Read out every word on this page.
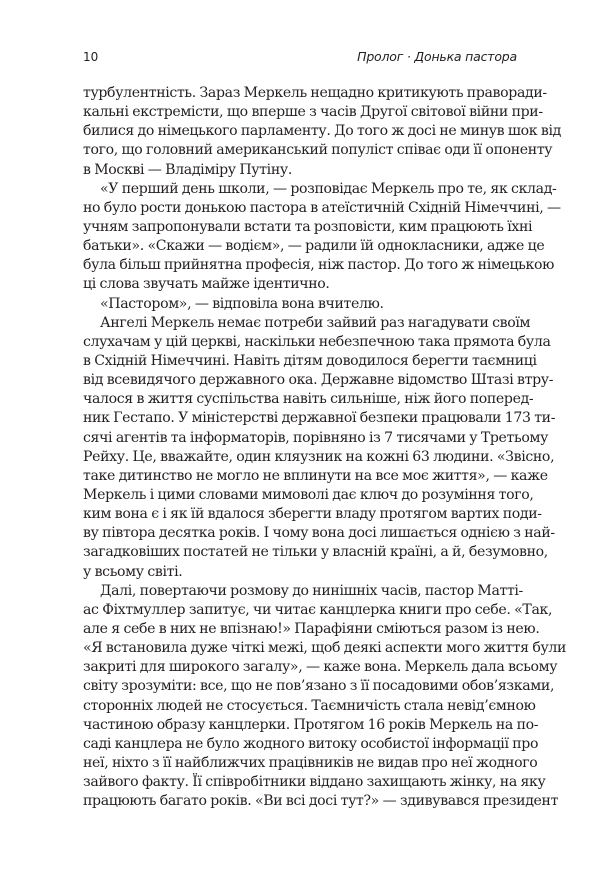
10	Пролог · Донька пастора
турбулентність. Зараз Меркель нещадно критикують праворади-
кальні екстремісти, що вперше з часів Другої світової війни при-
билися до німецького парламенту. До того ж досі не минув шок від
того, що головний американський популіст співає оди її опоненту
в Москві — Владіміру Путіну.
«У перший день школи, — розповідає Меркель про те, як склад-
но було рости донькою пастора в атеїстичній Східній Німеччині, —
учням запропонували встати та розповісти, ким працюють їхні
батьки». «Скажи — водієм», — радили їй однокласники, адже це
була більш прийнятна професія, ніж пастор. До того ж німецькою
ці слова звучать майже ідентично.
«Пастором», — відповіла вона вчителю.
Ангелі Меркель немає потреби зайвий раз нагадувати своїм
слухачам у цій церкві, наскільки небезпечною така прямота була
в Східній Німеччині. Навіть дітям доводилося берегти таємниці
від всевидячого державного ока. Державне відомство Штазі втру-
чалося в життя суспільства навіть сильніше, ніж його поперед-
ник Гестапо. У міністерстві державної безпеки працювали 173 ти-
сячі агентів та інформаторів, порівняно із 7 тисячами у Третьому
Рейху. Це, вважайте, один кляузник на кожні 63 людини. «Звісно,
таке дитинство не могло не вплинути на все моє життя», — каже
Меркель і цими словами мимоволі дає ключ до розуміння того,
ким вона є і як їй вдалося зберегти владу протягом вартих поди-
ву півтора десятка років. І чому вона досі лишається однією з най-
загадковіших постатей не тільки у власній країні, а й, безумовно,
у всьому світі.
Далі, повертаючи розмову до нинішніх часів, пастор Матті-
ас Фіхтмуллер запитує, чи читає канцлерка книги про себе. «Так,
але я себе в них не впізнаю!» Парафіяни сміються разом із нею.
«Я встановила дуже чіткі межі, щоб деякі аспекти мого життя були
закриті для широкого загалу», — каже вона. Меркель дала всьому
світу зрозуміти: все, що не пов’язано з її посадовими обов’язками,
сторонніх людей не стосується. Таємничість стала невід’ємною
частиною образу канцлерки. Протягом 16 років Меркель на по-
саді канцлера не було жодного витоку особистої інформації про
неї, ніхто з її найближчих працівників не видав про неї жодного
зайвого факту. Її співробітники віддано захищають жінку, на яку
працюють багато років. «Ви всі досі тут?» — здивувався президент
